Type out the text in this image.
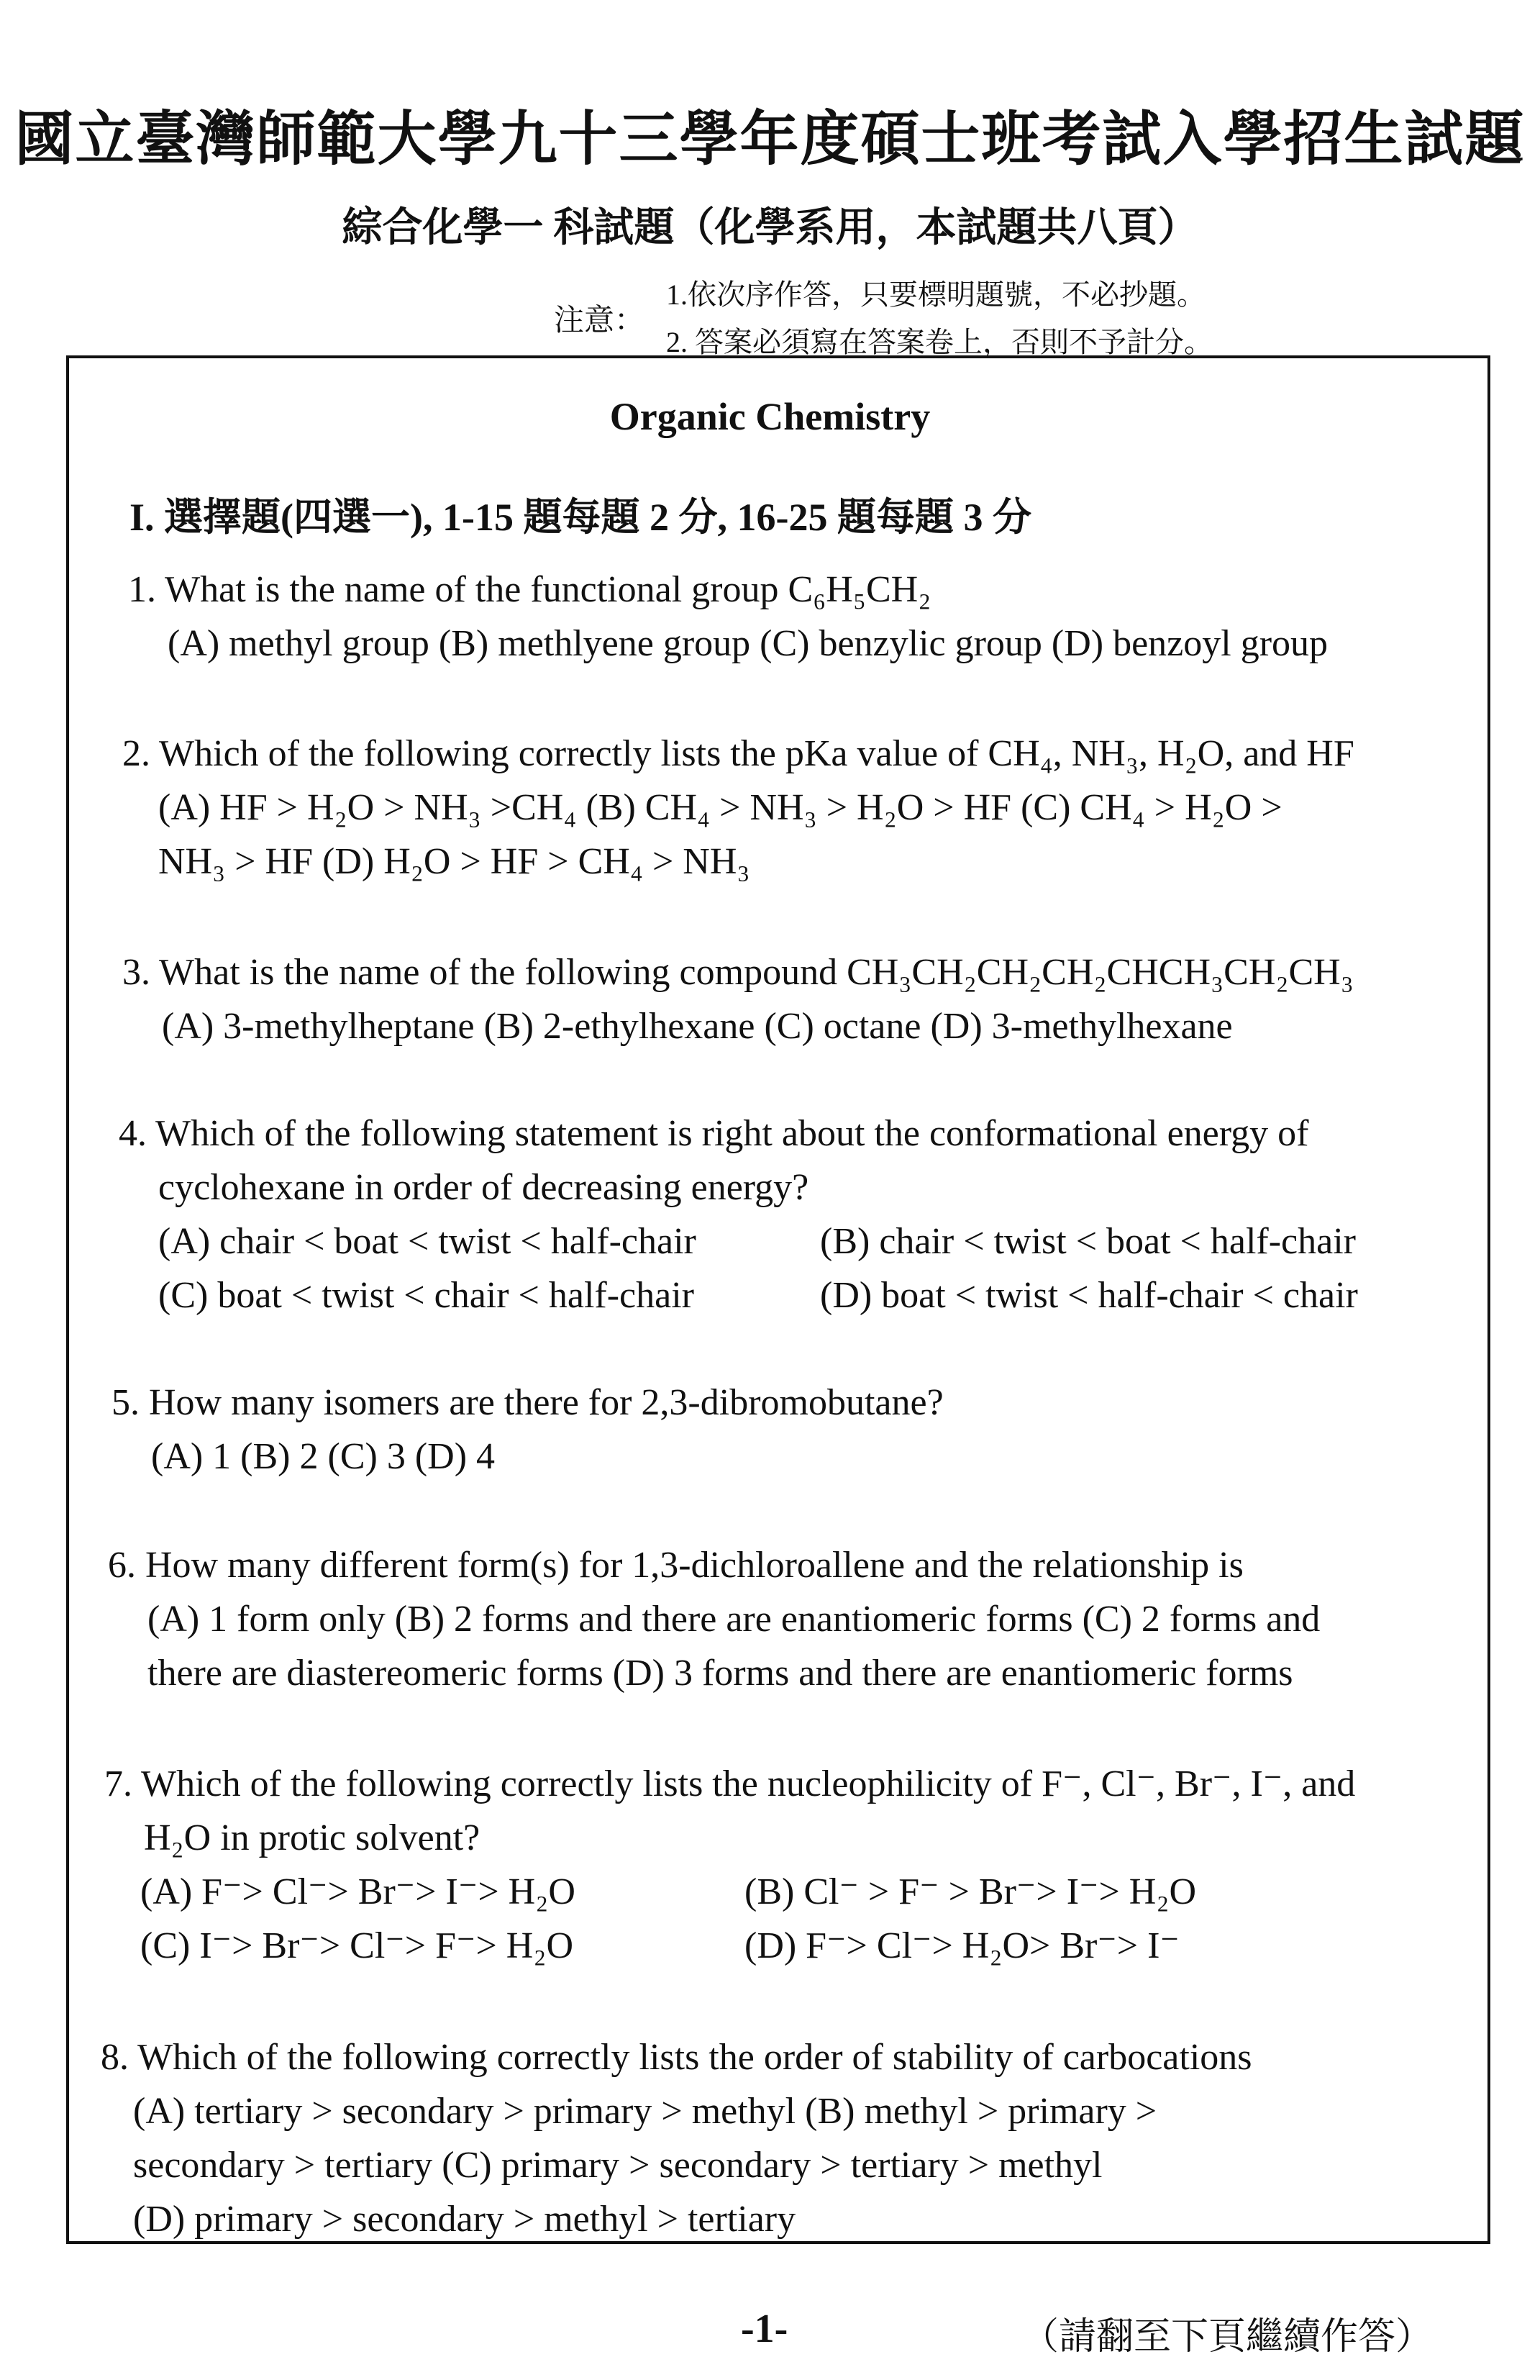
國立臺灣師範大學九十三學年度碩士班考試入學招生試題
綜合化學一 科試題（化學系用，本試題共八頁）
注意：
1.依次序作答，只要標明題號，不必抄題。
2. 答案必須寫在答案卷上，否則不予計分。
Organic Chemistry
I. 選擇題(四選一), 1-15 題每題 2 分, 16-25 題每題 3 分
1. What is the name of the functional group C₆H₅CH₂
(A) methyl group (B) methlyene group (C) benzylic group (D) benzoyl group
2. Which of the following correctly lists the pKa value of CH₄, NH₃, H₂O, and HF
(A) HF > H₂O > NH₃ >CH₄ (B) CH₄ > NH₃ > H₂O > HF (C) CH₄ > H₂O >
NH₃ > HF (D) H₂O > HF > CH₄ > NH₃
3. What is the name of the following compound CH₃CH₂CH₂CH₂CHCH₃CH₂CH₃
(A) 3-methylheptane (B) 2-ethylhexane (C) octane (D) 3-methylhexane
4. Which of the following statement is right about the conformational energy of
cyclohexane in order of decreasing energy?
(A) chair < boat < twist < half-chair	(B) chair < twist < boat < half-chair
(C) boat < twist < chair < half-chair	(D) boat < twist < half-chair < chair
5. How many isomers are there for 2,3-dibromobutane?
(A) 1 (B) 2 (C) 3 (D) 4
6. How many different form(s) for 1,3-dichloroallene and the relationship is
(A) 1 form only (B) 2 forms and there are enantiomeric forms (C) 2 forms and
there are diastereomeric forms (D) 3 forms and there are enantiomeric forms
7. Which of the following correctly lists the nucleophilicity of F⁻, Cl⁻, Br⁻, I⁻, and
H₂O in protic solvent?
(A) F⁻> Cl⁻> Br⁻> I⁻> H₂O	(B) Cl⁻ > F⁻ > Br⁻> I⁻> H₂O
(C) I⁻> Br⁻> Cl⁻> F⁻> H₂O	(D) F⁻> Cl⁻> H₂O> Br⁻> I⁻
8. Which of the following correctly lists the order of stability of carbocations
(A) tertiary > secondary > primary > methyl (B) methyl > primary >
secondary > tertiary (C) primary > secondary > tertiary > methyl
(D) primary > secondary > methyl > tertiary
-1-	（請翻至下頁繼續作答）
